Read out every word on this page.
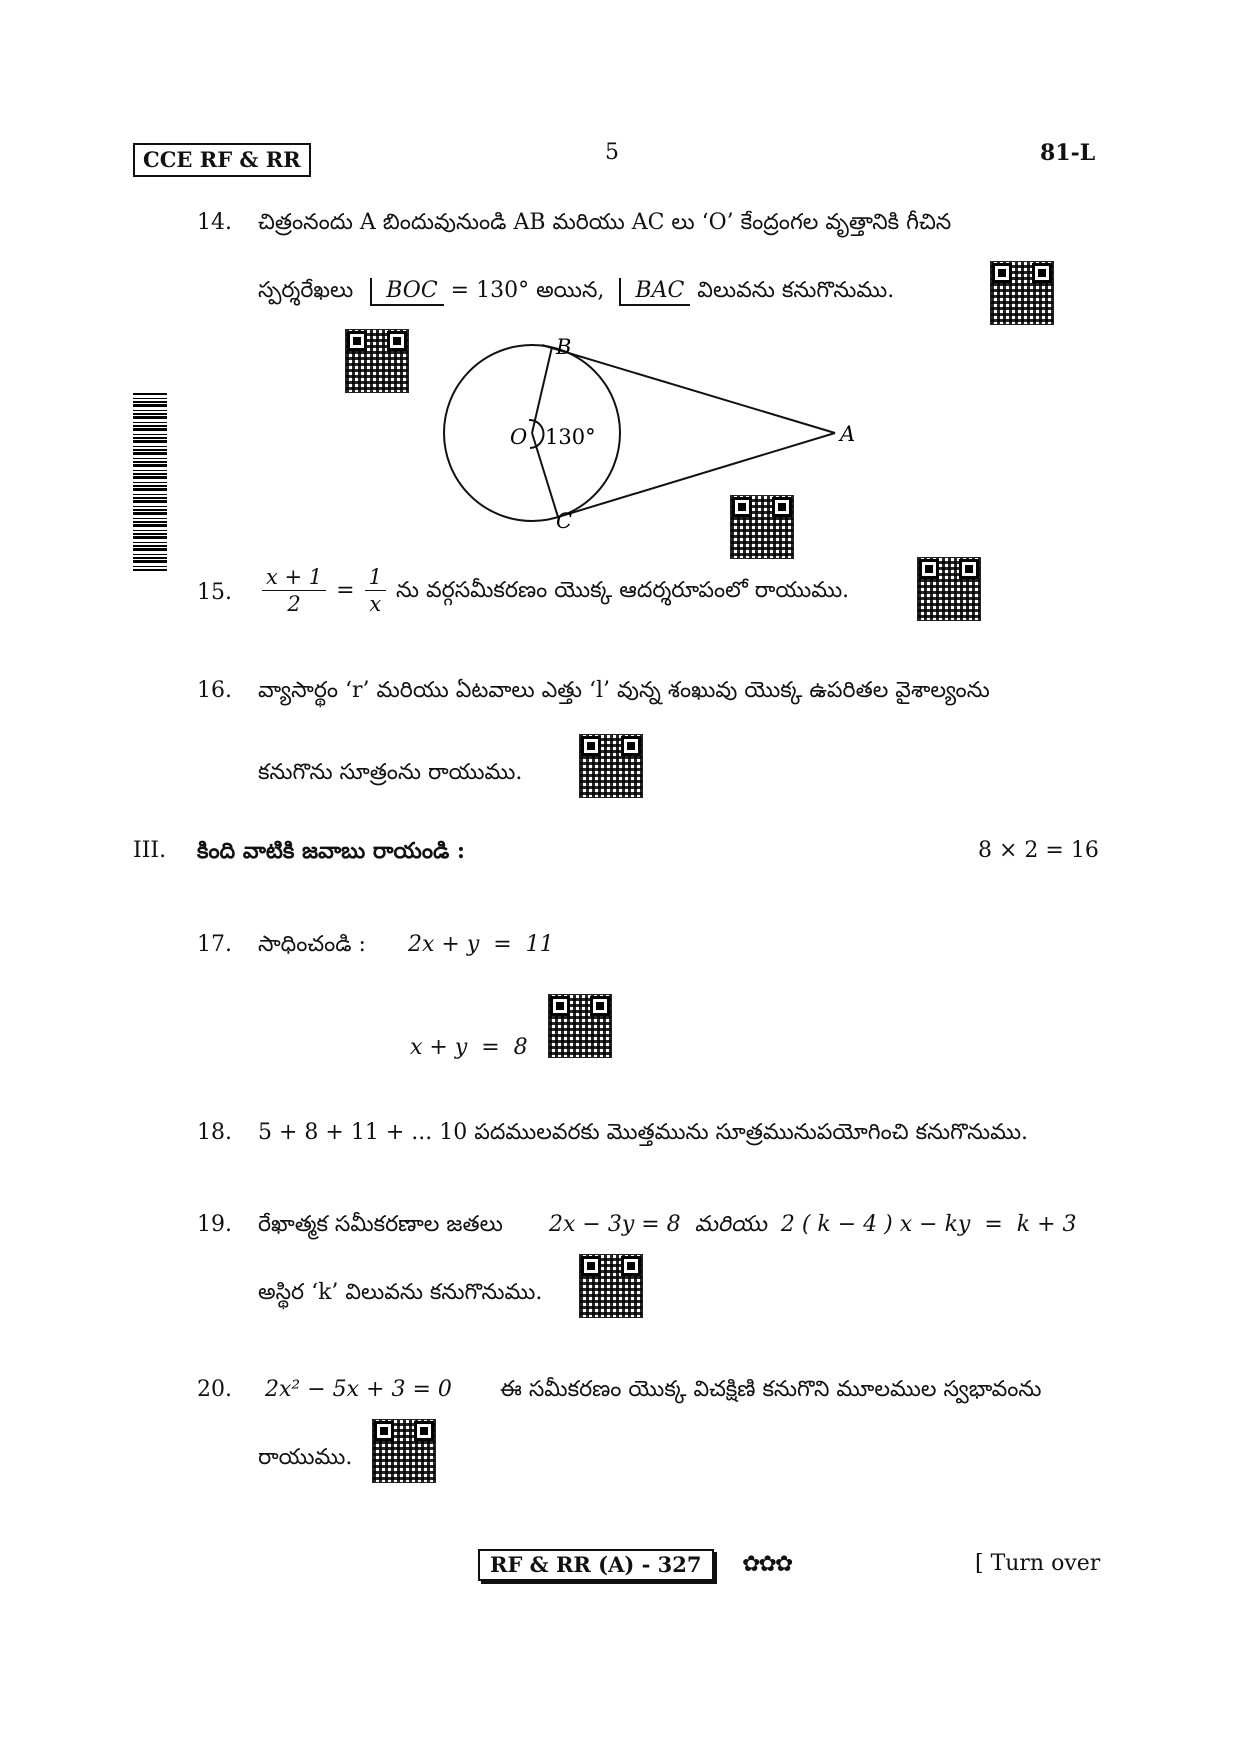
CCE RF & RR	5	81-L
14. చిత్రంనందు A బిందువునుండి AB మరియు AC లు ‘O’ కేంద్రంగల వృత్తానికి గీచిన
స్పర్శరేఖలు BOC = 130° అయిన, BAC విలువను కనుగొనుము.
B
O 130°	A
C
15. $\frac{x + 1}{2} = \frac{1}{x}$ ను వర్గసమీకరణం యొక్క ఆదర్శరూపంలో రాయుము.
16. వ్యాసార్థం ‘r’ మరియు ఏటవాలు ఎత్తు ‘l’ వున్న శంఖువు యొక్క ఉపరితల వైశాల్యంను
కనుగొను సూత్రంను రాయుము.
III. కింది వాటికి జవాబు రాయండి :	8 × 2 = 16
17. సాధించండి : 2x + y  =  11
x + y  =  8
18. 5 + 8 + 11 + ... 10 పదములవరకు మొత్తమును సూత్రమునుపయోగించి కనుగొనుము.
19. రేఖాత్మక సమీకరణాల జతలు 2x − 3y = 8  మరియు  2 ( k − 4 ) x − ky  =  k + 3
అస్థిర ‘k’ విలువను కనుగొనుము.
20. 2x² − 5x + 3 = 0 ఈ సమీకరణం యొక్క విచక్షిణి కనుగొని మూలముల స్వభావంను
రాయుము.
RF & RR (A) - 327	✿✿✿	[ Turn over
